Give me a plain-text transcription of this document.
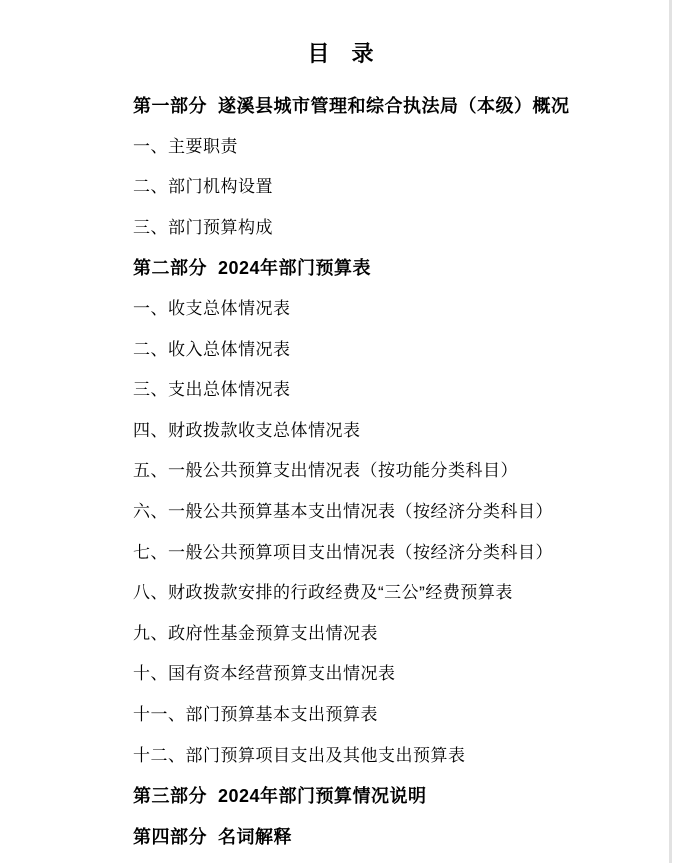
目　录
第一部分  遂溪县城市管理和综合执法局（本级）概况
一、主要职责
二、部门机构设置
三、部门预算构成
第二部分  2024年部门预算表
一、收支总体情况表
二、收入总体情况表
三、支出总体情况表
四、财政拨款收支总体情况表
五、一般公共预算支出情况表（按功能分类科目）
六、一般公共预算基本支出情况表（按经济分类科目）
七、一般公共预算项目支出情况表（按经济分类科目）
八、财政拨款安排的行政经费及“三公”经费预算表
九、政府性基金预算支出情况表
十、国有资本经营预算支出情况表
十一、部门预算基本支出预算表
十二、部门预算项目支出及其他支出预算表
第三部分  2024年部门预算情况说明
第四部分  名词解释
